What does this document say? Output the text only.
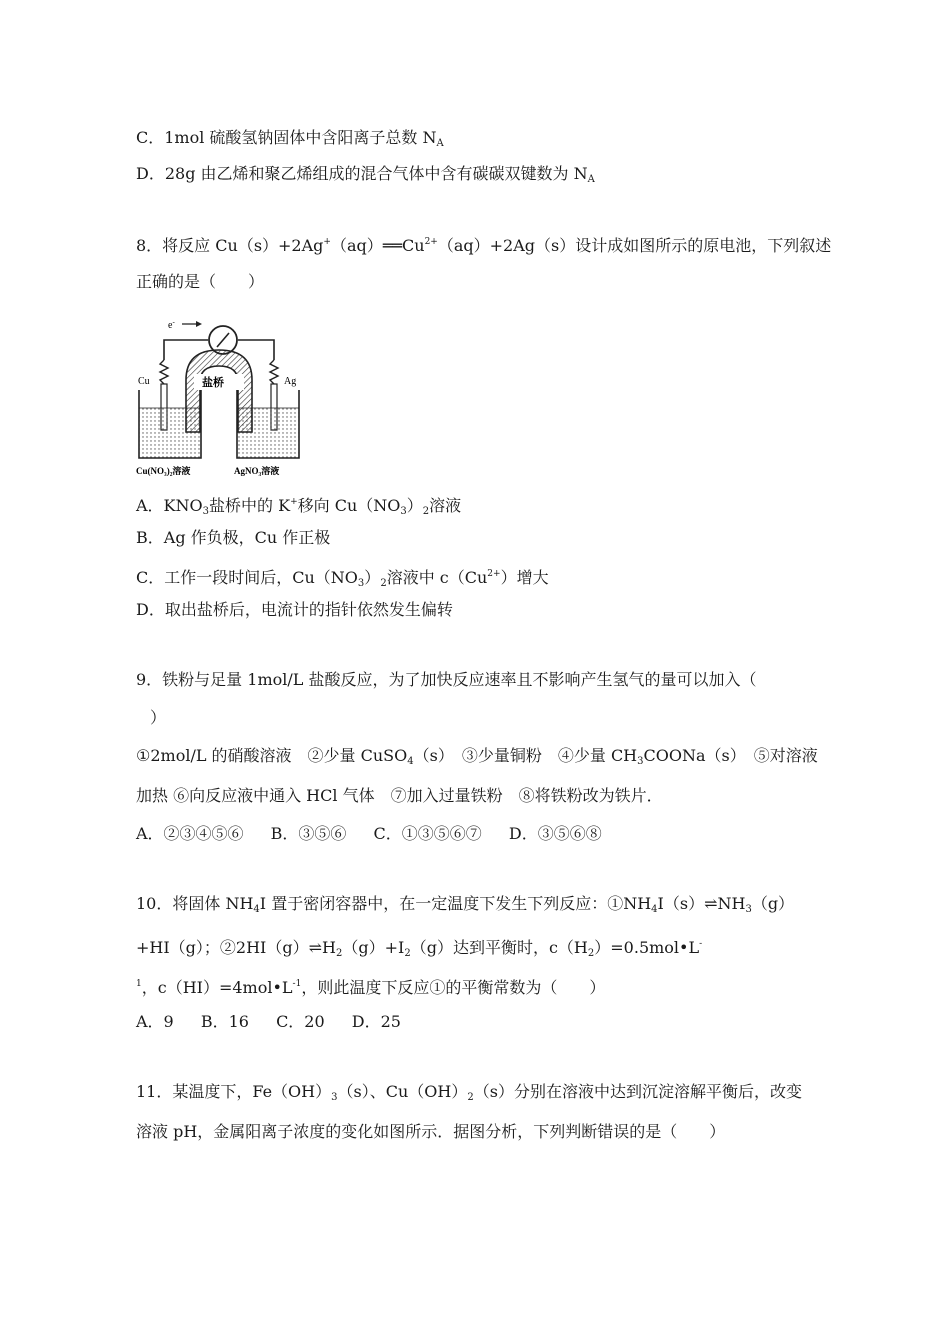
C．1mol 硫酸氢钠固体中含阳离子总数 $N_A$
D．28g 由乙烯和聚乙烯组成的混合气体中含有碳碳双键数为 $N_A$
8．将反应 $Cu(s)+2Ag^+(aq)══Cu^{2+}(aq)+2Ag(s)$设计成如图所示的原电池，下列叙述
正确的是（　　）
e-
Cu	Ag
盐桥
Cu(NO₃)₂溶液	AgNO₃溶液
A．$KNO_3$盐桥中的 K+移向 $Cu(NO_3)_2$溶液
B．Ag 作负极，Cu 作正极
C．工作一段时间后，$Cu(NO_3)_2$溶液中 $c(Cu^{2+})$增大
D．取出盐桥后，电流计的指针依然发生偏转
9．铁粉与足量 1mol/L 盐酸反应，为了加快反应速率且不影响产生氢气的量可以加入（
）
①2mol/L 的硝酸溶液　②少量 CuSO$_4$（s）　③少量铜粉　④少量 $CH_3COONa(s)$　⑤对溶液
加热 ⑥向反应液中通入 HCl 气体　⑦加入过量铁粉　⑧将铁粉改为铁片．
A．②③④⑤⑥ B．③⑤⑥ C．①③⑤⑥⑦ D．③⑤⑥⑧
10．将固体 $NH_4I$ 置于密闭容器中，在一定温度下发生下列反应：$①NH_4I(s)\rightleftharpoons NH_3(g)$
+HI（g）；$②2HI(g)\rightleftharpoons H_2(g)+I_2(g)$达到平衡时，$c(H_2)=0.5mol•L^-$
$^1$，$c(HI)=4mol•L^{-1}$，则此温度下反应①的平衡常数为（　　）
A．9 B．16 C．20 D．25
11．某温度下，$Fe(OH)_3(s)$、$Cu(OH)_2(s)$分别在溶液中达到沉淀溶解平衡后，改变
溶液 pH，金属阳离子浓度的变化如图所示．据图分析，下列判断错误的是（　　）
